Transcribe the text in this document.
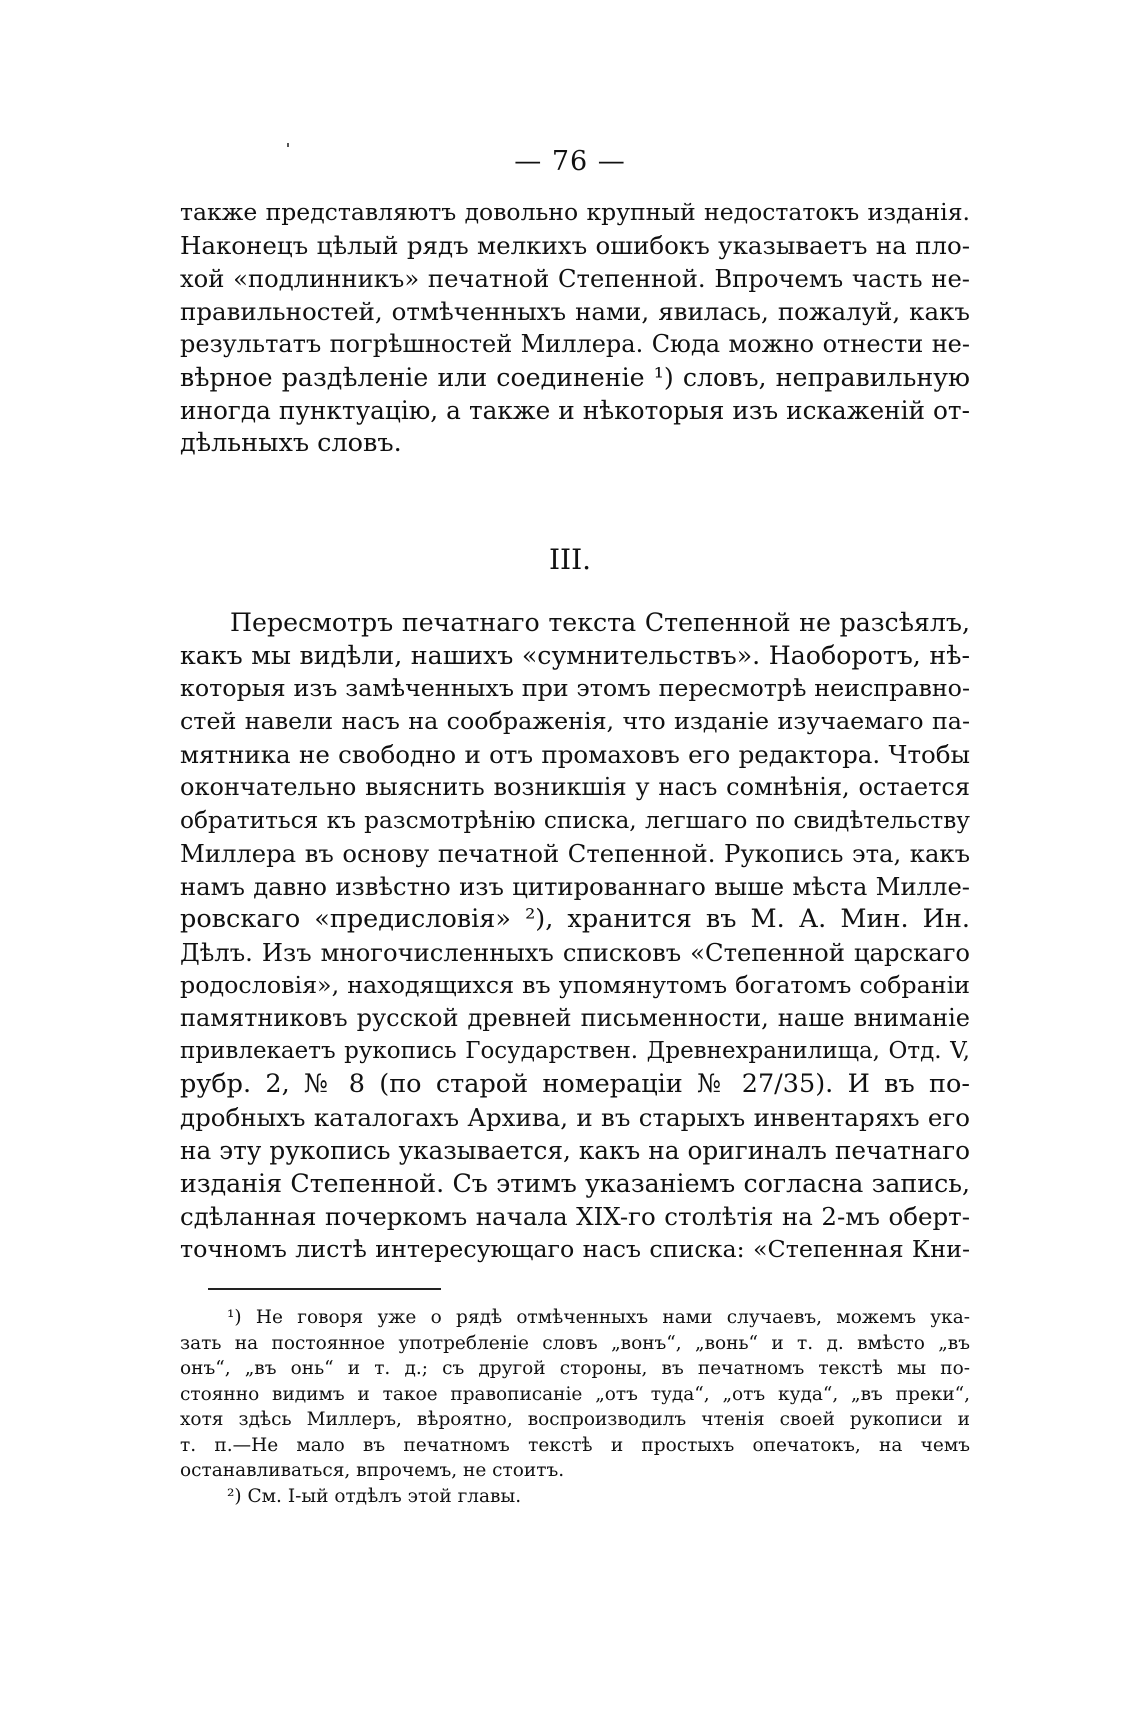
— 76 —
также представляютъ довольно крупный недостатокъ изданія.
Наконецъ цѣлый рядъ мелкихъ ошибокъ указываетъ на пло-
хой «подлинникъ» печатной Степенной. Впрочемъ часть не-
правильностей, отмѣченныхъ нами, явилась, пожалуй, какъ
результатъ погрѣшностей Миллера. Сюда можно отнести не-
вѣрное раздѣленіе или соединеніе ¹) словъ, неправильную
иногда пунктуацію, а также и нѣкоторыя изъ искаженій от-
дѣльныхъ словъ.
III.
Пересмотръ печатнаго текста Степенной не разсѣялъ,
какъ мы видѣли, нашихъ «сумнительствъ». Наоборотъ, нѣ-
которыя изъ замѣченныхъ при этомъ пересмотрѣ неисправно-
стей навели насъ на соображенія, что изданіе изучаемаго па-
мятника не свободно и отъ промаховъ его редактора. Чтобы
окончательно выяснить возникшія у насъ сомнѣнія, остается
обратиться къ разсмотрѣнію списка, легшаго по свидѣтельству
Миллера въ основу печатной Степенной. Рукопись эта, какъ
намъ давно извѣстно изъ цитированнаго выше мѣста Милле-
ровскаго «предисловія» ²), хранится въ М. А. Мин. Ин.
Дѣлъ. Изъ многочисленныхъ списковъ «Степенной царскаго
родословія», находящихся въ упомянутомъ богатомъ собраніи
памятниковъ русской древней письменности, наше вниманіе
привлекаетъ рукопись Государствен. Древнехранилища, Отд. V,
рубр. 2, № 8 (по старой номераціи № 27/35). И въ по-
дробныхъ каталогахъ Архива, и въ старыхъ инвентаряхъ его
на эту рукопись указывается, какъ на оригиналъ печатнаго
изданія Степенной. Съ этимъ указаніемъ согласна запись,
сдѣланная почеркомъ начала XIX-го столѣтія на 2-мъ оберт-
точномъ листѣ интересующаго насъ списка: «Степенная Кни-
¹) Не говоря уже о рядѣ отмѣченныхъ нами случаевъ, можемъ ука-
зать на постоянное употребленіе словъ „вонъ“, „вонь“ и т. д. вмѣсто „въ
онъ“, „въ онь“ и т. д.; съ другой стороны, въ печатномъ текстѣ мы по-
стоянно видимъ и такое правописаніе „отъ туда“, „отъ куда“, „въ преки“,
хотя здѣсь Миллеръ, вѣроятно, воспроизводилъ чтенія своей рукописи и
т. п.—Не мало въ печатномъ текстѣ и простыхъ опечатокъ, на чемъ
останавливаться, впрочемъ, не стоитъ.
²) См. I-ый отдѣлъ этой главы.
